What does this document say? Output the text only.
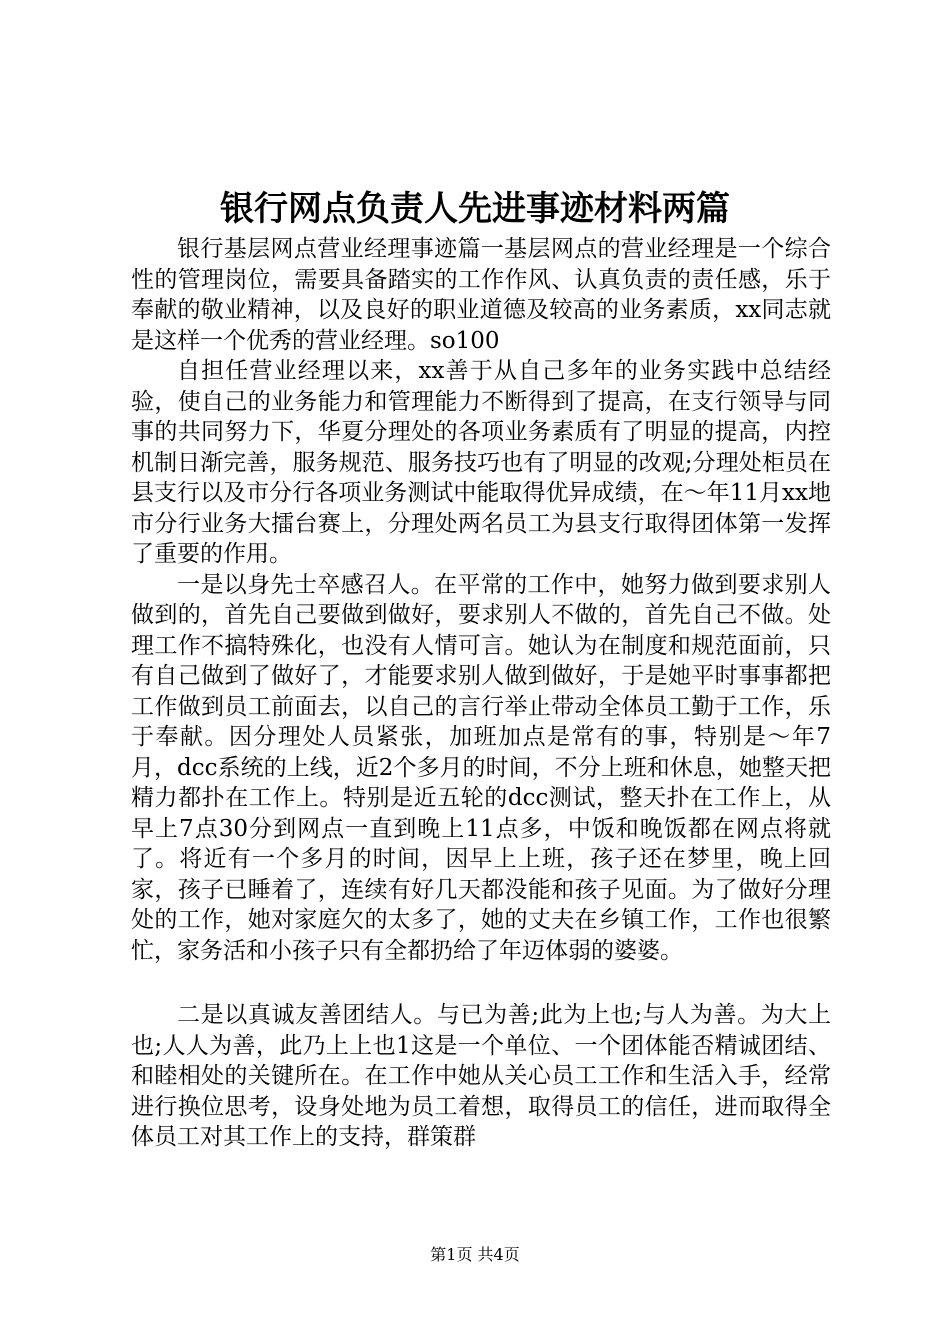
银行网点负责人先进事迹材料两篇

银行基层网点营业经理事迹篇一基层网点的营业经理是一个综合性的管理岗位，需要具备踏实的工作作风、认真负责的责任感，乐于奉献的敬业精神，以及良好的职业道德及较高的业务素质，xx同志就是这样一个优秀的营业经理。so100

自担任营业经理以来，xx善于从自己多年的业务实践中总结经验，使自己的业务能力和管理能力不断得到了提高，在支行领导与同事的共同努力下，华夏分理处的各项业务素质有了明显的提高，内控机制日渐完善，服务规范、服务技巧也有了明显的改观;分理处柜员在县支行以及市分行各项业务测试中能取得优异成绩，在～年11月xx地市分行业务大擂台赛上，分理处两名员工为县支行取得团体第一发挥了重要的作用。

一是以身先士卒感召人。在平常的工作中，她努力做到要求别人做到的，首先自己要做到做好，要求别人不做的，首先自己不做。处理工作不搞特殊化，也没有人情可言。她认为在制度和规范面前，只有自己做到了做好了，才能要求别人做到做好，于是她平时事事都把工作做到员工前面去，以自己的言行举止带动全体员工勤于工作，乐于奉献。因分理处人员紧张，加班加点是常有的事，特别是～年7月，dcc系统的上线，近2个多月的时间，不分上班和休息，她整天把精力都扑在工作上。特别是近五轮的dcc测试，整天扑在工作上，从早上7点30分到网点一直到晚上11点多，中饭和晚饭都在网点将就了。将近有一个多月的时间，因早上上班，孩子还在梦里，晚上回家，孩子已睡着了，连续有好几天都没能和孩子见面。为了做好分理处的工作，她对家庭欠的太多了，她的丈夫在乡镇工作，工作也很繁忙，家务活和小孩子只有全都扔给了年迈体弱的婆婆。

二是以真诚友善团结人。与已为善;此为上也;与人为善。为大上也;人人为善，此乃上上也1这是一个单位、一个团体能否精诚团结、和睦相处的关键所在。在工作中她从关心员工工作和生活入手，经常进行换位思考，设身处地为员工着想，取得员工的信任，进而取得全体员工对其工作上的支持，群策群

第1页 共4页
